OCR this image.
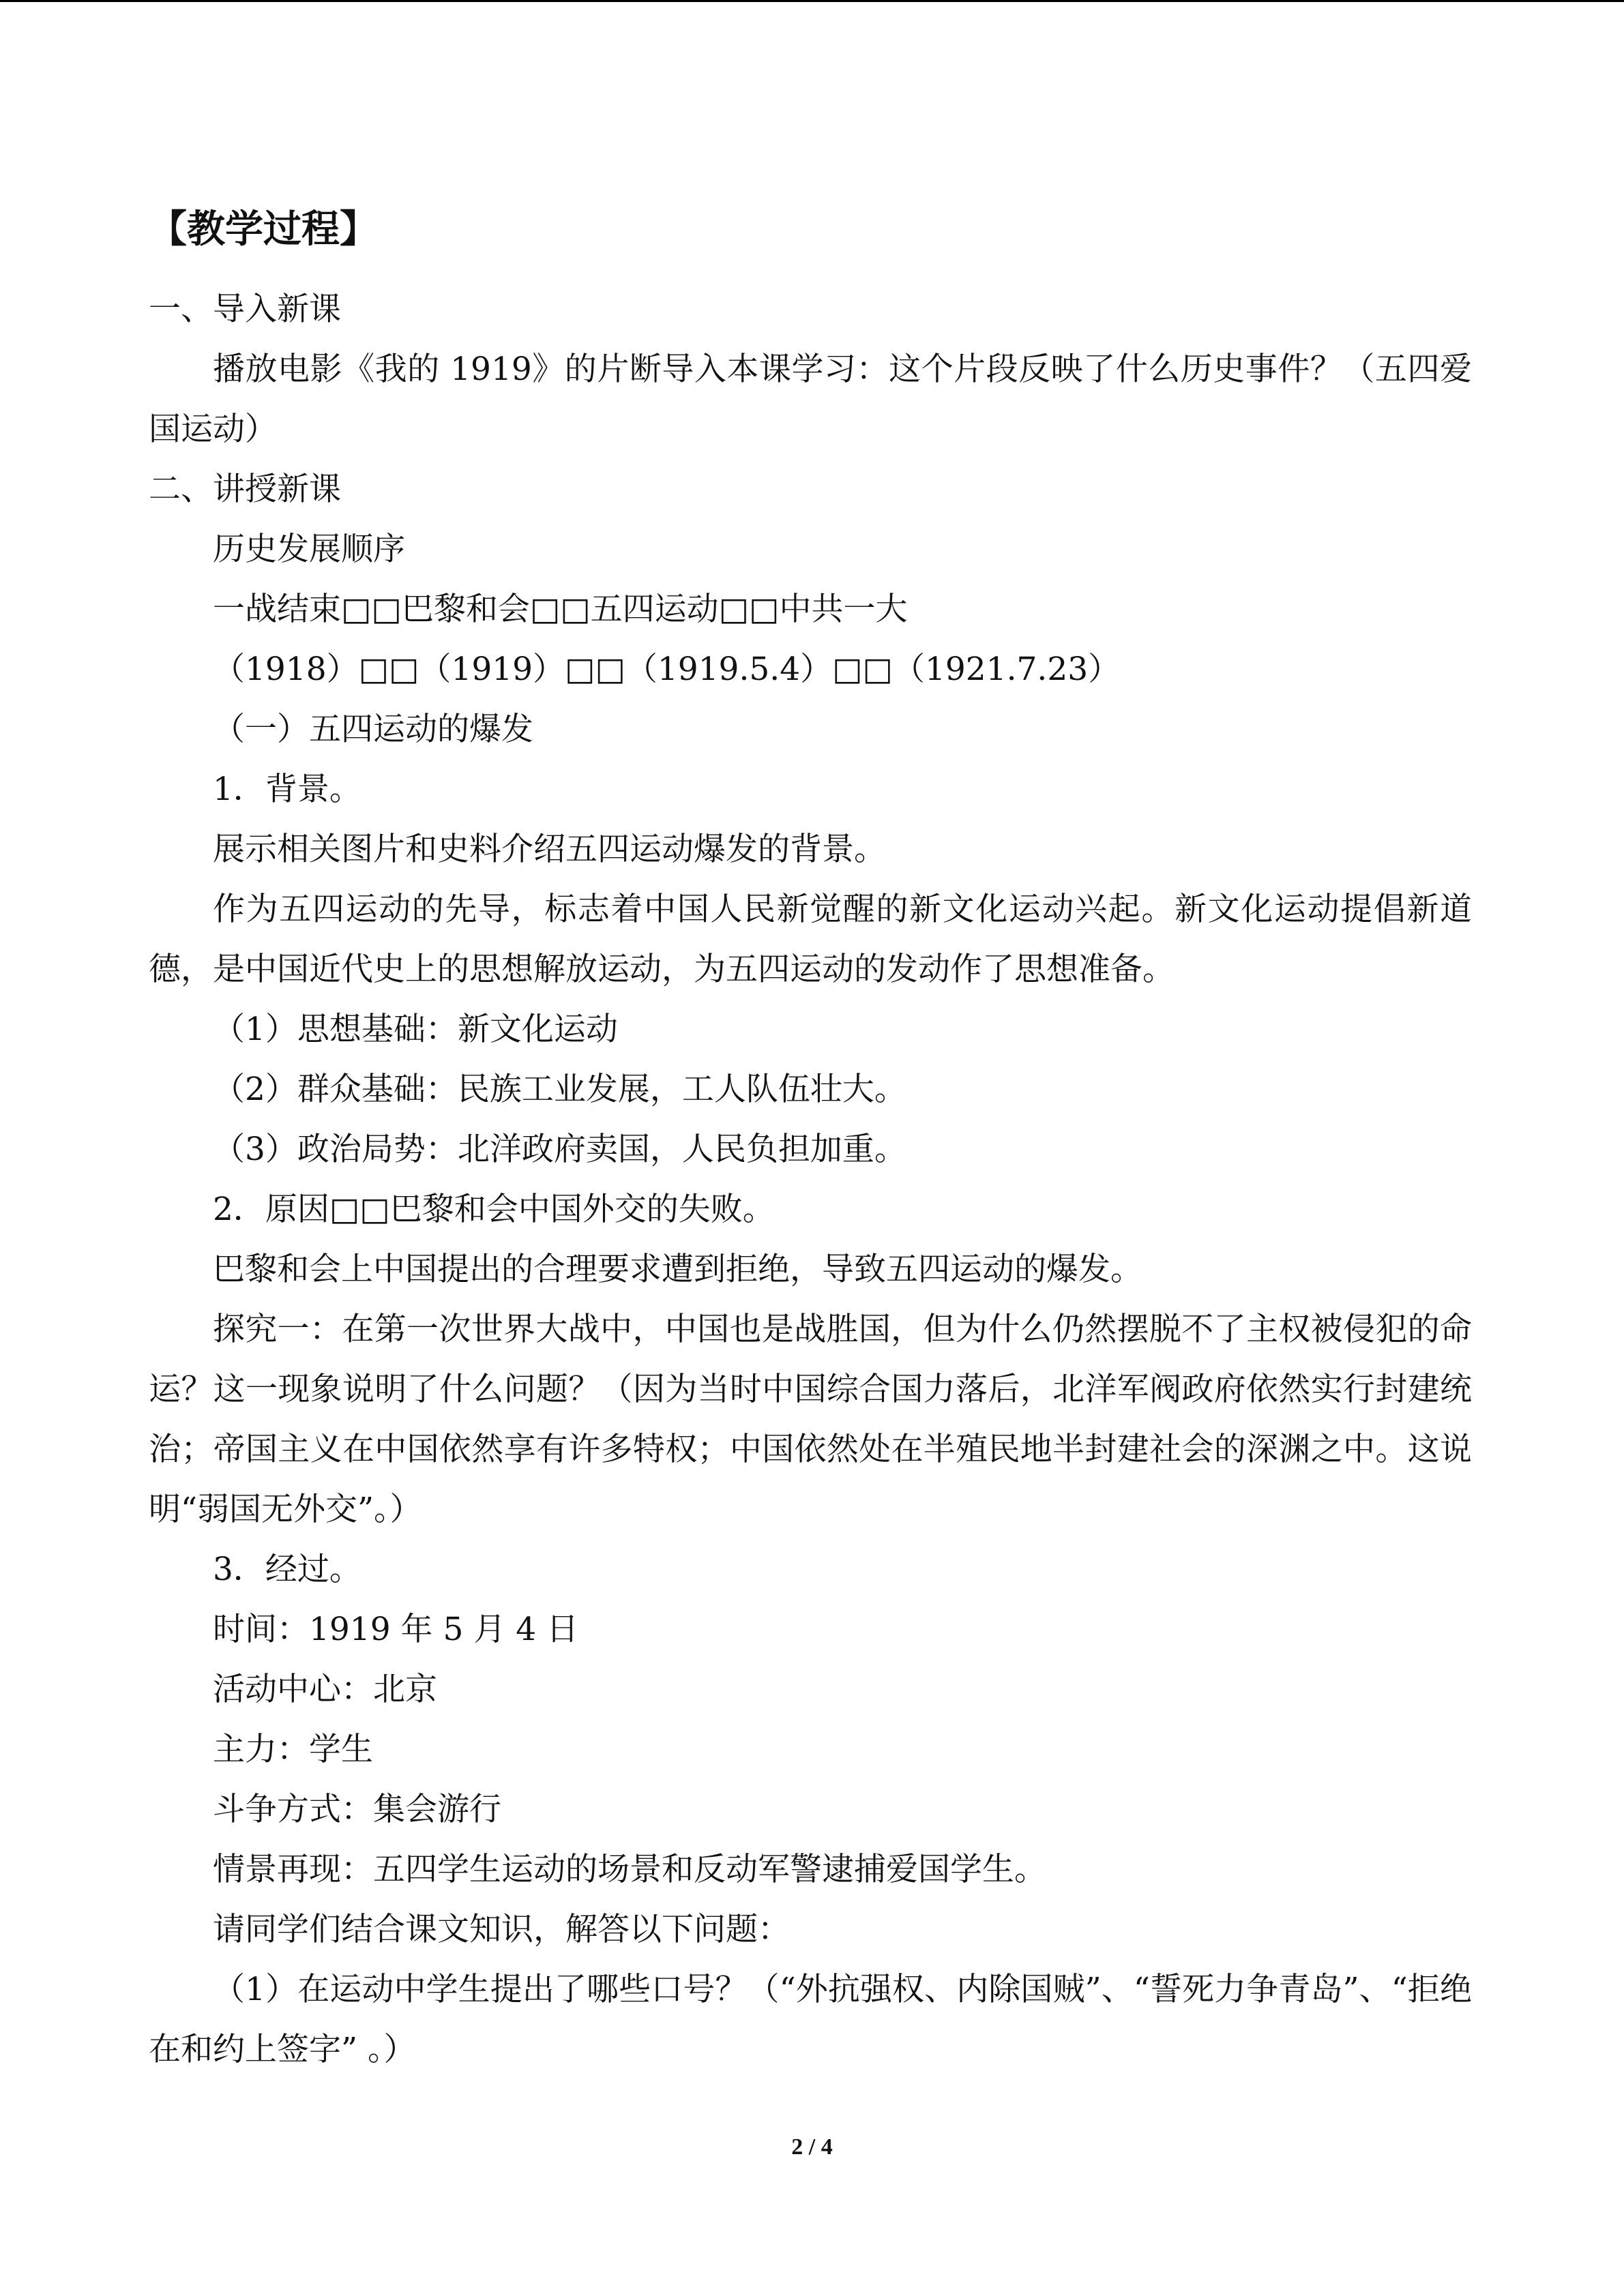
【教学过程】
一、导入新课
播放电影《我的 1919》的片断导入本课学习：这个片段反映了什么历史事件？（五四爱国运动）
二、讲授新课
历史发展顺序
一战结束□□巴黎和会□□五四运动□□中共一大
（1918）□□（1919）□□（1919.5.4）□□（1921.7.23）
（一）五四运动的爆发
1．背景。
展示相关图片和史料介绍五四运动爆发的背景。
作为五四运动的先导，标志着中国人民新觉醒的新文化运动兴起。新文化运动提倡新道德，是中国近代史上的思想解放运动，为五四运动的发动作了思想准备。
（1）思想基础：新文化运动
（2）群众基础：民族工业发展，工人队伍壮大。
（3）政治局势：北洋政府卖国，人民负担加重。
2．原因□□巴黎和会中国外交的失败。
巴黎和会上中国提出的合理要求遭到拒绝，导致五四运动的爆发。
探究一：在第一次世界大战中，中国也是战胜国，但为什么仍然摆脱不了主权被侵犯的命运？这一现象说明了什么问题？（因为当时中国综合国力落后，北洋军阀政府依然实行封建统治；帝国主义在中国依然享有许多特权；中国依然处在半殖民地半封建社会的深渊之中。这说明“弱国无外交”。）
3．经过。
时间：1919 年 5 月 4 日
活动中心：北京
主力：学生
斗争方式：集会游行
情景再现：五四学生运动的场景和反动军警逮捕爱国学生。
请同学们结合课文知识，解答以下问题：
（1）在运动中学生提出了哪些口号？（“外抗强权、内除国贼”、“誓死力争青岛”、“拒绝在和约上签字” 。）
2 / 4
